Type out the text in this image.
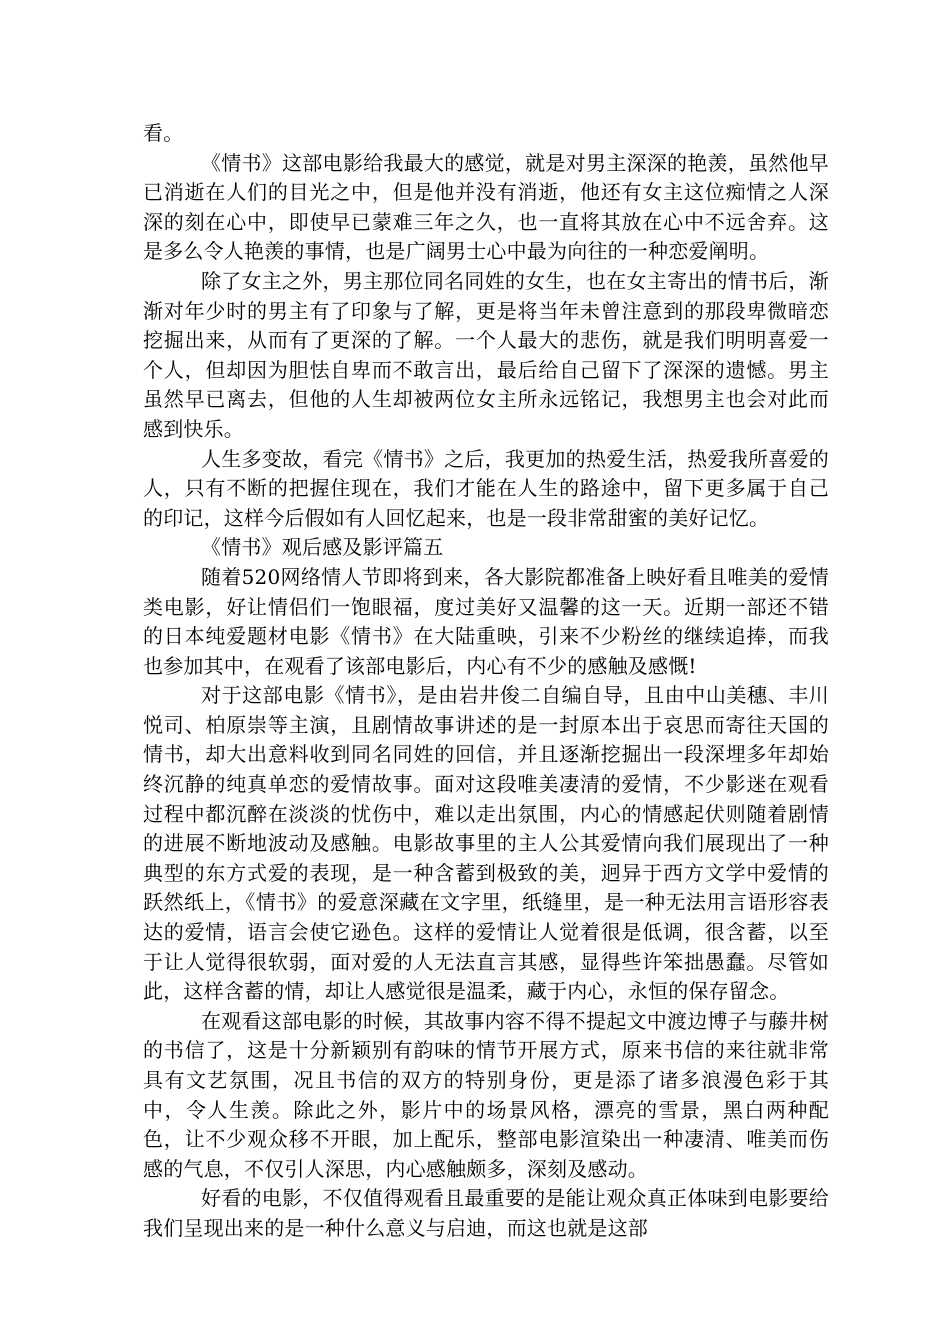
看。

《情书》这部电影给我最大的感觉，就是对男主深深的艳羡，虽然他早已消逝在人们的目光之中，但是他并没有消逝，他还有女主这位痴情之人深深的刻在心中，即使早已蒙难三年之久，也一直将其放在心中不远舍弃。这是多么令人艳羡的事情，也是广阔男士心中最为向往的一种恋爱阐明。

除了女主之外，男主那位同名同姓的女生，也在女主寄出的情书后，渐渐对年少时的男主有了印象与了解，更是将当年未曾注意到的那段卑微暗恋挖掘出来，从而有了更深的了解。一个人最大的悲伤，就是我们明明喜爱一个人，但却因为胆怯自卑而不敢言出，最后给自己留下了深深的遗憾。男主虽然早已离去，但他的人生却被两位女主所永远铭记，我想男主也会对此而感到快乐。

人生多变故，看完《情书》之后，我更加的热爱生活，热爱我所喜爱的人，只有不断的把握住现在，我们才能在人生的路途中，留下更多属于自己的印记，这样今后假如有人回忆起来，也是一段非常甜蜜的美好记忆。

《情书》观后感及影评篇五

随着520网络情人节即将到来，各大影院都准备上映好看且唯美的爱情类电影，好让情侣们一饱眼福，度过美好又温馨的这一天。近期一部还不错的日本纯爱题材电影《情书》在大陆重映，引来不少粉丝的继续追捧，而我也参加其中，在观看了该部电影后，内心有不少的感触及感慨!

对于这部电影《情书》，是由岩井俊二自编自导，且由中山美穗、丰川悦司、柏原崇等主演，且剧情故事讲述的是一封原本出于哀思而寄往天国的情书，却大出意料收到同名同姓的回信，并且逐渐挖掘出一段深埋多年却始终沉静的纯真单恋的爱情故事。面对这段唯美凄清的爱情，不少影迷在观看过程中都沉醉在淡淡的忧伤中，难以走出氛围，内心的情感起伏则随着剧情的进展不断地波动及感触。电影故事里的主人公其爱情向我们展现出了一种典型的东方式爱的表现，是一种含蓄到极致的美，迥异于西方文学中爱情的跃然纸上，《情书》的爱意深藏在文字里，纸缝里，是一种无法用言语形容表达的爱情，语言会使它逊色。这样的爱情让人觉着很是低调，很含蓄，以至于让人觉得很软弱，面对爱的人无法直言其感，显得些许笨拙愚蠢。尽管如此，这样含蓄的情，却让人感觉很是温柔，藏于内心，永恒的保存留念。

在观看这部电影的时候，其故事内容不得不提起文中渡边博子与藤井树的书信了，这是十分新颖别有韵味的情节开展方式，原来书信的来往就非常具有文艺氛围，况且书信的双方的特别身份，更是添了诸多浪漫色彩于其中，令人生羡。除此之外，影片中的场景风格，漂亮的雪景，黑白两种配色，让不少观众移不开眼，加上配乐，整部电影渲染出一种凄清、唯美而伤感的气息，不仅引人深思，内心感触颇多，深刻及感动。

好看的电影，不仅值得观看且最重要的是能让观众真正体味到电影要给我们呈现出来的是一种什么意义与启迪，而这也就是这部
